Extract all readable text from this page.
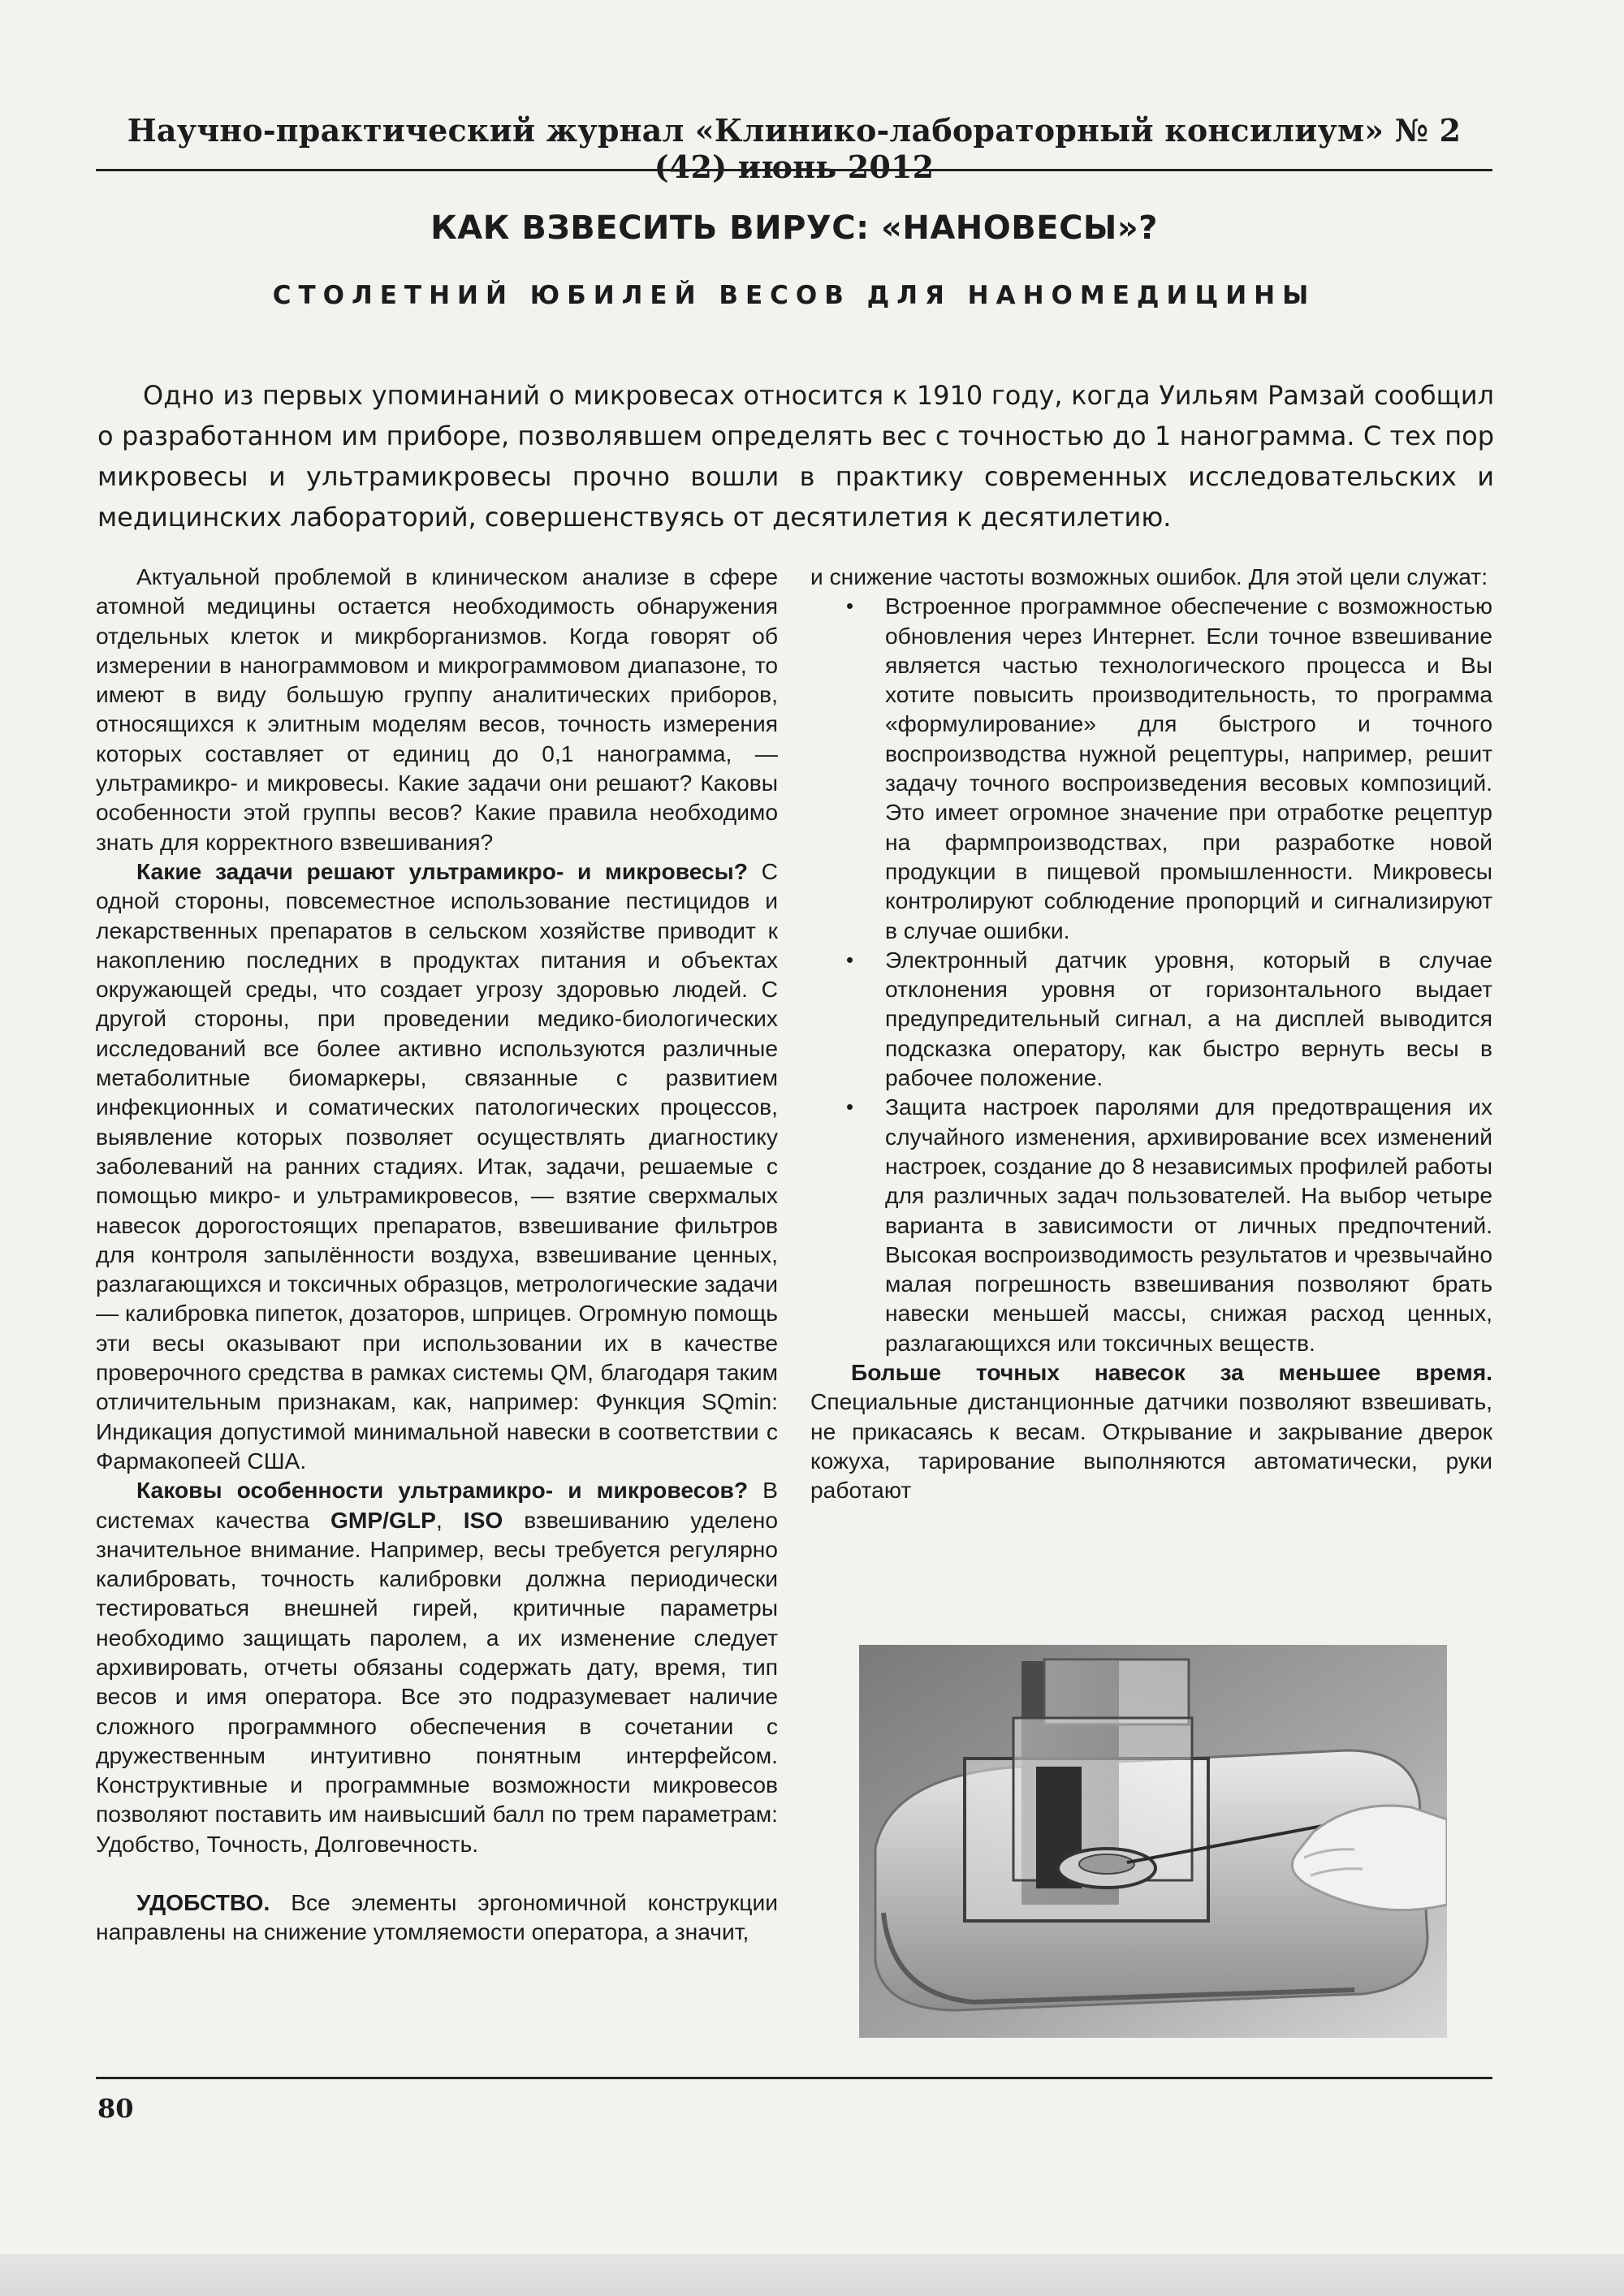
Научно-практический журнал «Клинико-лабораторный консилиум» № 2 (42) июнь 2012
КАК ВЗВЕСИТЬ ВИРУС: «НАНОВЕСЫ»?
СТОЛЕТНИЙ ЮБИЛЕЙ ВЕСОВ ДЛЯ НАНОМЕДИЦИНЫ

Одно из первых упоминаний о микровесах относится к 1910 году, когда Уильям Рамзай сообщил о разработанном им приборе, позволявшем определять вес с точностью до 1 нанограмма. С тех пор микровесы и ультрамикровесы прочно вошли в практику современных исследовательских и медицинских лабораторий, совершенствуясь от десятилетия к десятилетию.

Актуальной проблемой в клиническом анализе в сфере атомной медицины остается необходимость обнаружения отдельных клеток и микрборганизмов. Когда говорят об измерении в нанограммовом и микрограммовом диапазоне, то имеют в виду большую группу аналитических приборов, относящихся к элитным моделям весов, точность измерения которых составляет от единиц до 0,1 нанограмма, — ультрамикро- и микровесы. Какие задачи они решают? Каковы особенности этой группы весов? Какие правила необходимо знать для корректного взвешивания?

Какие задачи решают ультрамикро- и микровесы? С одной стороны, повсеместное использование пестицидов и лекарственных препаратов в сельском хозяйстве приводит к накоплению последних в продуктах питания и объектах окружающей среды, что создает угрозу здоровью людей. С другой стороны, при проведении медико-биологических исследований все более активно используются различные метаболитные биомаркеры, связанные с развитием инфекционных и соматических патологических процессов, выявление которых позволяет осуществлять диагностику заболеваний на ранних стадиях. Итак, задачи, решаемые с помощью микро- и ультрамикровесов, — взятие сверхмалых навесок дорогостоящих препаратов, взвешивание фильтров для контроля запылённости воздуха, взвешивание ценных, разлагающихся и токсичных образцов, метрологические задачи — калибровка пипеток, дозаторов, шприцев. Огромную помощь эти весы оказывают при использовании их в качестве проверочного средства в рамках системы QM, благодаря таким отличительным признакам, как, например: Функция SQmin: Индикация допустимой минимальной навески в соответствии с Фармакопеей США.

Каковы особенности ультрамикро- и микровесов? В системах качества GMP/GLP, ISO взвешиванию уделено значительное внимание. Например, весы требуется регулярно калибровать, точность калибровки должна периодически тестироваться внешней гирей, критичные параметры необходимо защищать паролем, а их изменение следует архивировать, отчеты обязаны содержать дату, время, тип весов и имя оператора. Все это подразумевает наличие сложного программного обеспечения в сочетании с дружественным интуитивно понятным интерфейсом. Конструктивные и программные возможности микровесов позволяют поставить им наивысший балл по трем параметрам: Удобство, Точность, Долговечность.

УДОБСТВО. Все элементы эргономичной конструкции направлены на снижение утомляемости оператора, а значит,

и снижение частоты возможных ошибок. Для этой цели служат:

• Встроенное программное обеспечение с возможностью обновления через Интернет. Если точное взвешивание является частью технологического процесса и Вы хотите повысить производительность, то программа «формулирование» для быстрого и точного воспроизводства нужной рецептуры, например, решит задачу точного воспроизведения весовых композиций. Это имеет огромное значение при отработке рецептур на фармпроизводствах, при разработке новой продукции в пищевой промышленности. Микровесы контролируют соблюдение пропорций и сигнализируют в случае ошибки.
• Электронный датчик уровня, который в случае отклонения уровня от горизонтального выдает предупредительный сигнал, а на дисплей выводится подсказка оператору, как быстро вернуть весы в рабочее положение.
• Защита настроек паролями для предотвращения их случайного изменения, архивирование всех изменений настроек, создание до 8 независимых профилей работы для различных задач пользователей. На выбор четыре варианта в зависимости от личных предпочтений. Высокая воспроизводимость результатов и чрезвычайно малая погрешность взвешивания позволяют брать навески меньшей массы, снижая расход ценных, разлагающихся или токсичных веществ.

Больше точных навесок за меньшее время. Специальные дистанционные датчики позволяют взвешивать, не прикасаясь к весам. Открывание и закрывание дверок кожуха, тарирование выполняются автоматически, руки работают

80
